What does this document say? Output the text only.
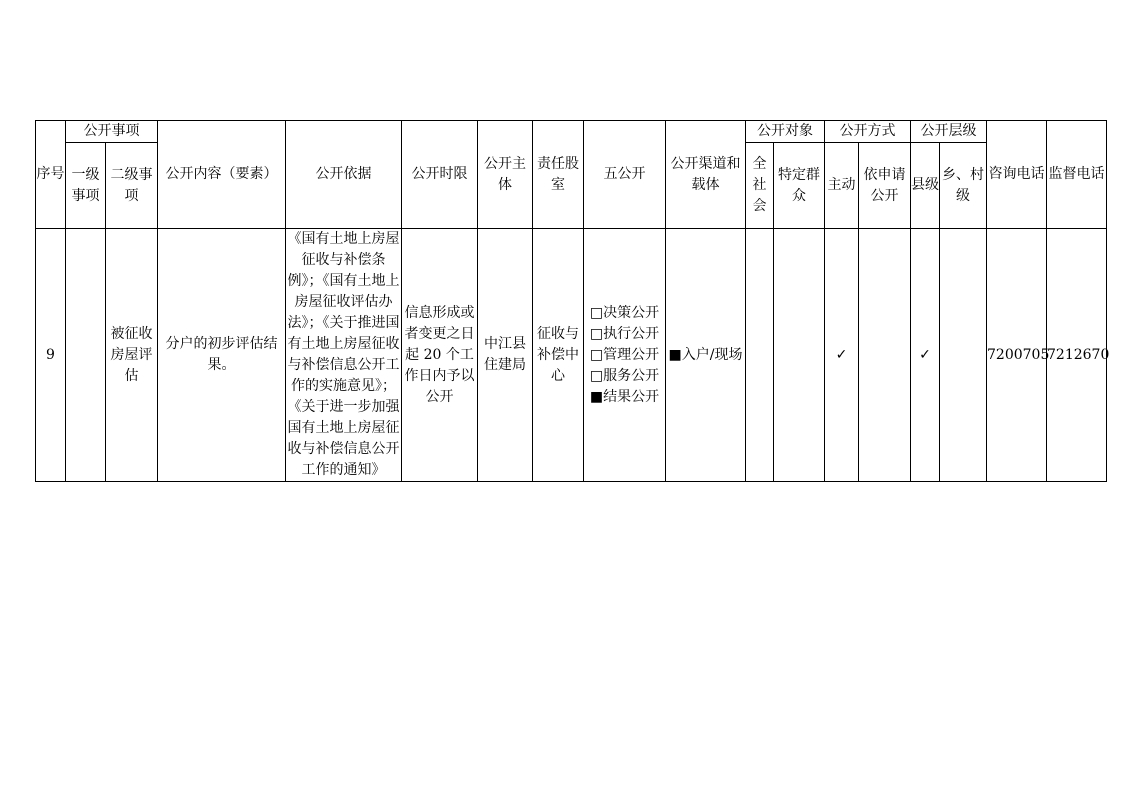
序号	公开事项		公开内容（要素）	公开依据	公开时限	公开主体	责任股室	五公开	公开渠道和载体	公开对象		公开方式		公开层级		咨询电话	监督电话
	一级事项	二级事项								全社会	特定群众	主动	依申请公开	县级	乡、村级		
9		被征收房屋评估	分户的初步评估结果。	《国有土地上房屋征收与补偿条例》；《国有土地上房屋征收评估办法》；《关于推进国有土地上房屋征收与补偿信息公开工作的实施意见》；《关于进一步加强国有土地上房屋征收与补偿信息公开工作的通知》	信息形成或者变更之日起 20 个工作日内予以公开	中江县住建局	征收与补偿中心	□决策公开
□执行公开
□管理公开
□服务公开
■结果公开	■入户/现场			✓		✓		7200705	7212670
